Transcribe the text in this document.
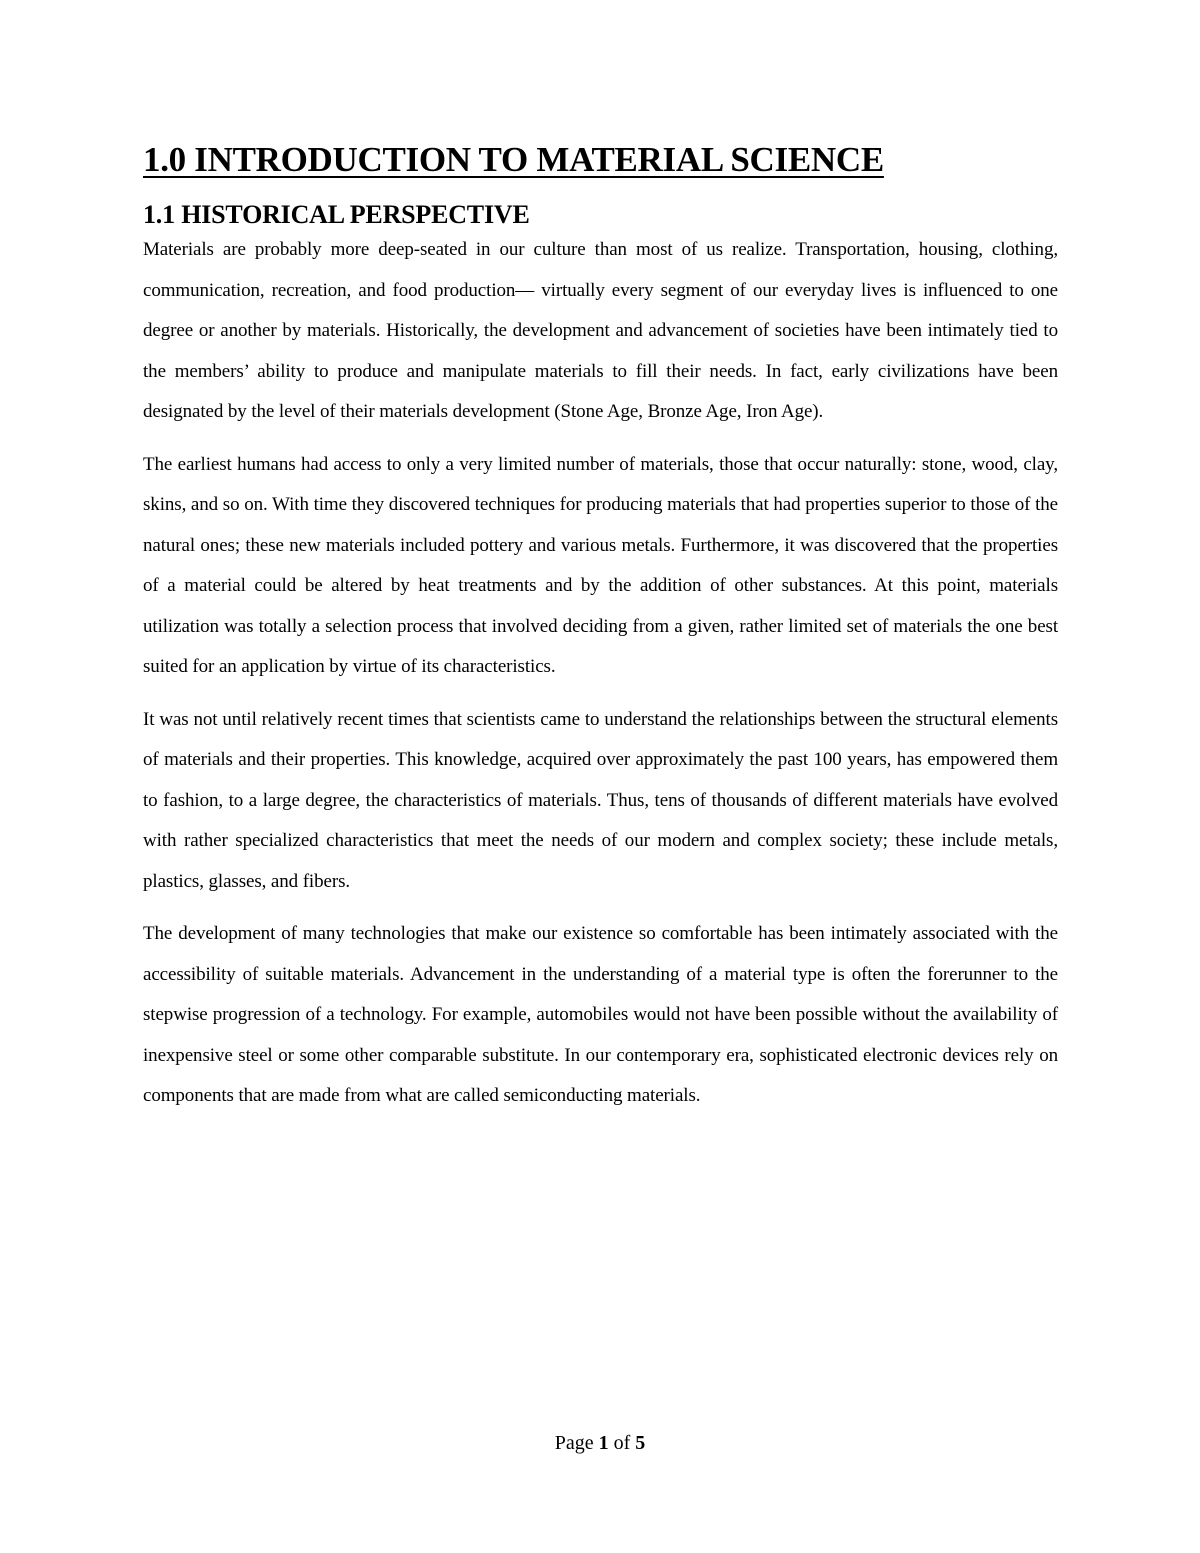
1.0 INTRODUCTION TO MATERIAL SCIENCE
1.1 HISTORICAL PERSPECTIVE

Materials are probably more deep-seated in our culture than most of us realize. Transportation, housing, clothing, communication, recreation, and food production— virtually every segment of our everyday lives is influenced to one degree or another by materials. Historically, the development and advancement of societies have been intimately tied to the members’ ability to produce and manipulate materials to fill their needs. In fact, early civilizations have been designated by the level of their materials development (Stone Age, Bronze Age, Iron Age).

The earliest humans had access to only a very limited number of materials, those that occur naturally: stone, wood, clay, skins, and so on. With time they discovered techniques for producing materials that had properties superior to those of the natural ones; these new materials included pottery and various metals. Furthermore, it was discovered that the properties of a material could be altered by heat treatments and by the addition of other substances. At this point, materials utilization was totally a selection process that involved deciding from a given, rather limited set of materials the one best suited for an application by virtue of its characteristics.

It was not until relatively recent times that scientists came to understand the relationships between the structural elements of materials and their properties. This knowledge, acquired over approximately the past 100 years, has empowered them to fashion, to a large degree, the characteristics of materials. Thus, tens of thousands of different materials have evolved with rather specialized characteristics that meet the needs of our modern and complex society; these include metals, plastics, glasses, and fibers.

The development of many technologies that make our existence so comfortable has been intimately associated with the accessibility of suitable materials. Advancement in the understanding of a material type is often the forerunner to the stepwise progression of a technology. For example, automobiles would not have been possible without the availability of inexpensive steel or some other comparable substitute. In our contemporary era, sophisticated electronic devices rely on components that are made from what are called semiconducting materials.

Page 1 of 5
